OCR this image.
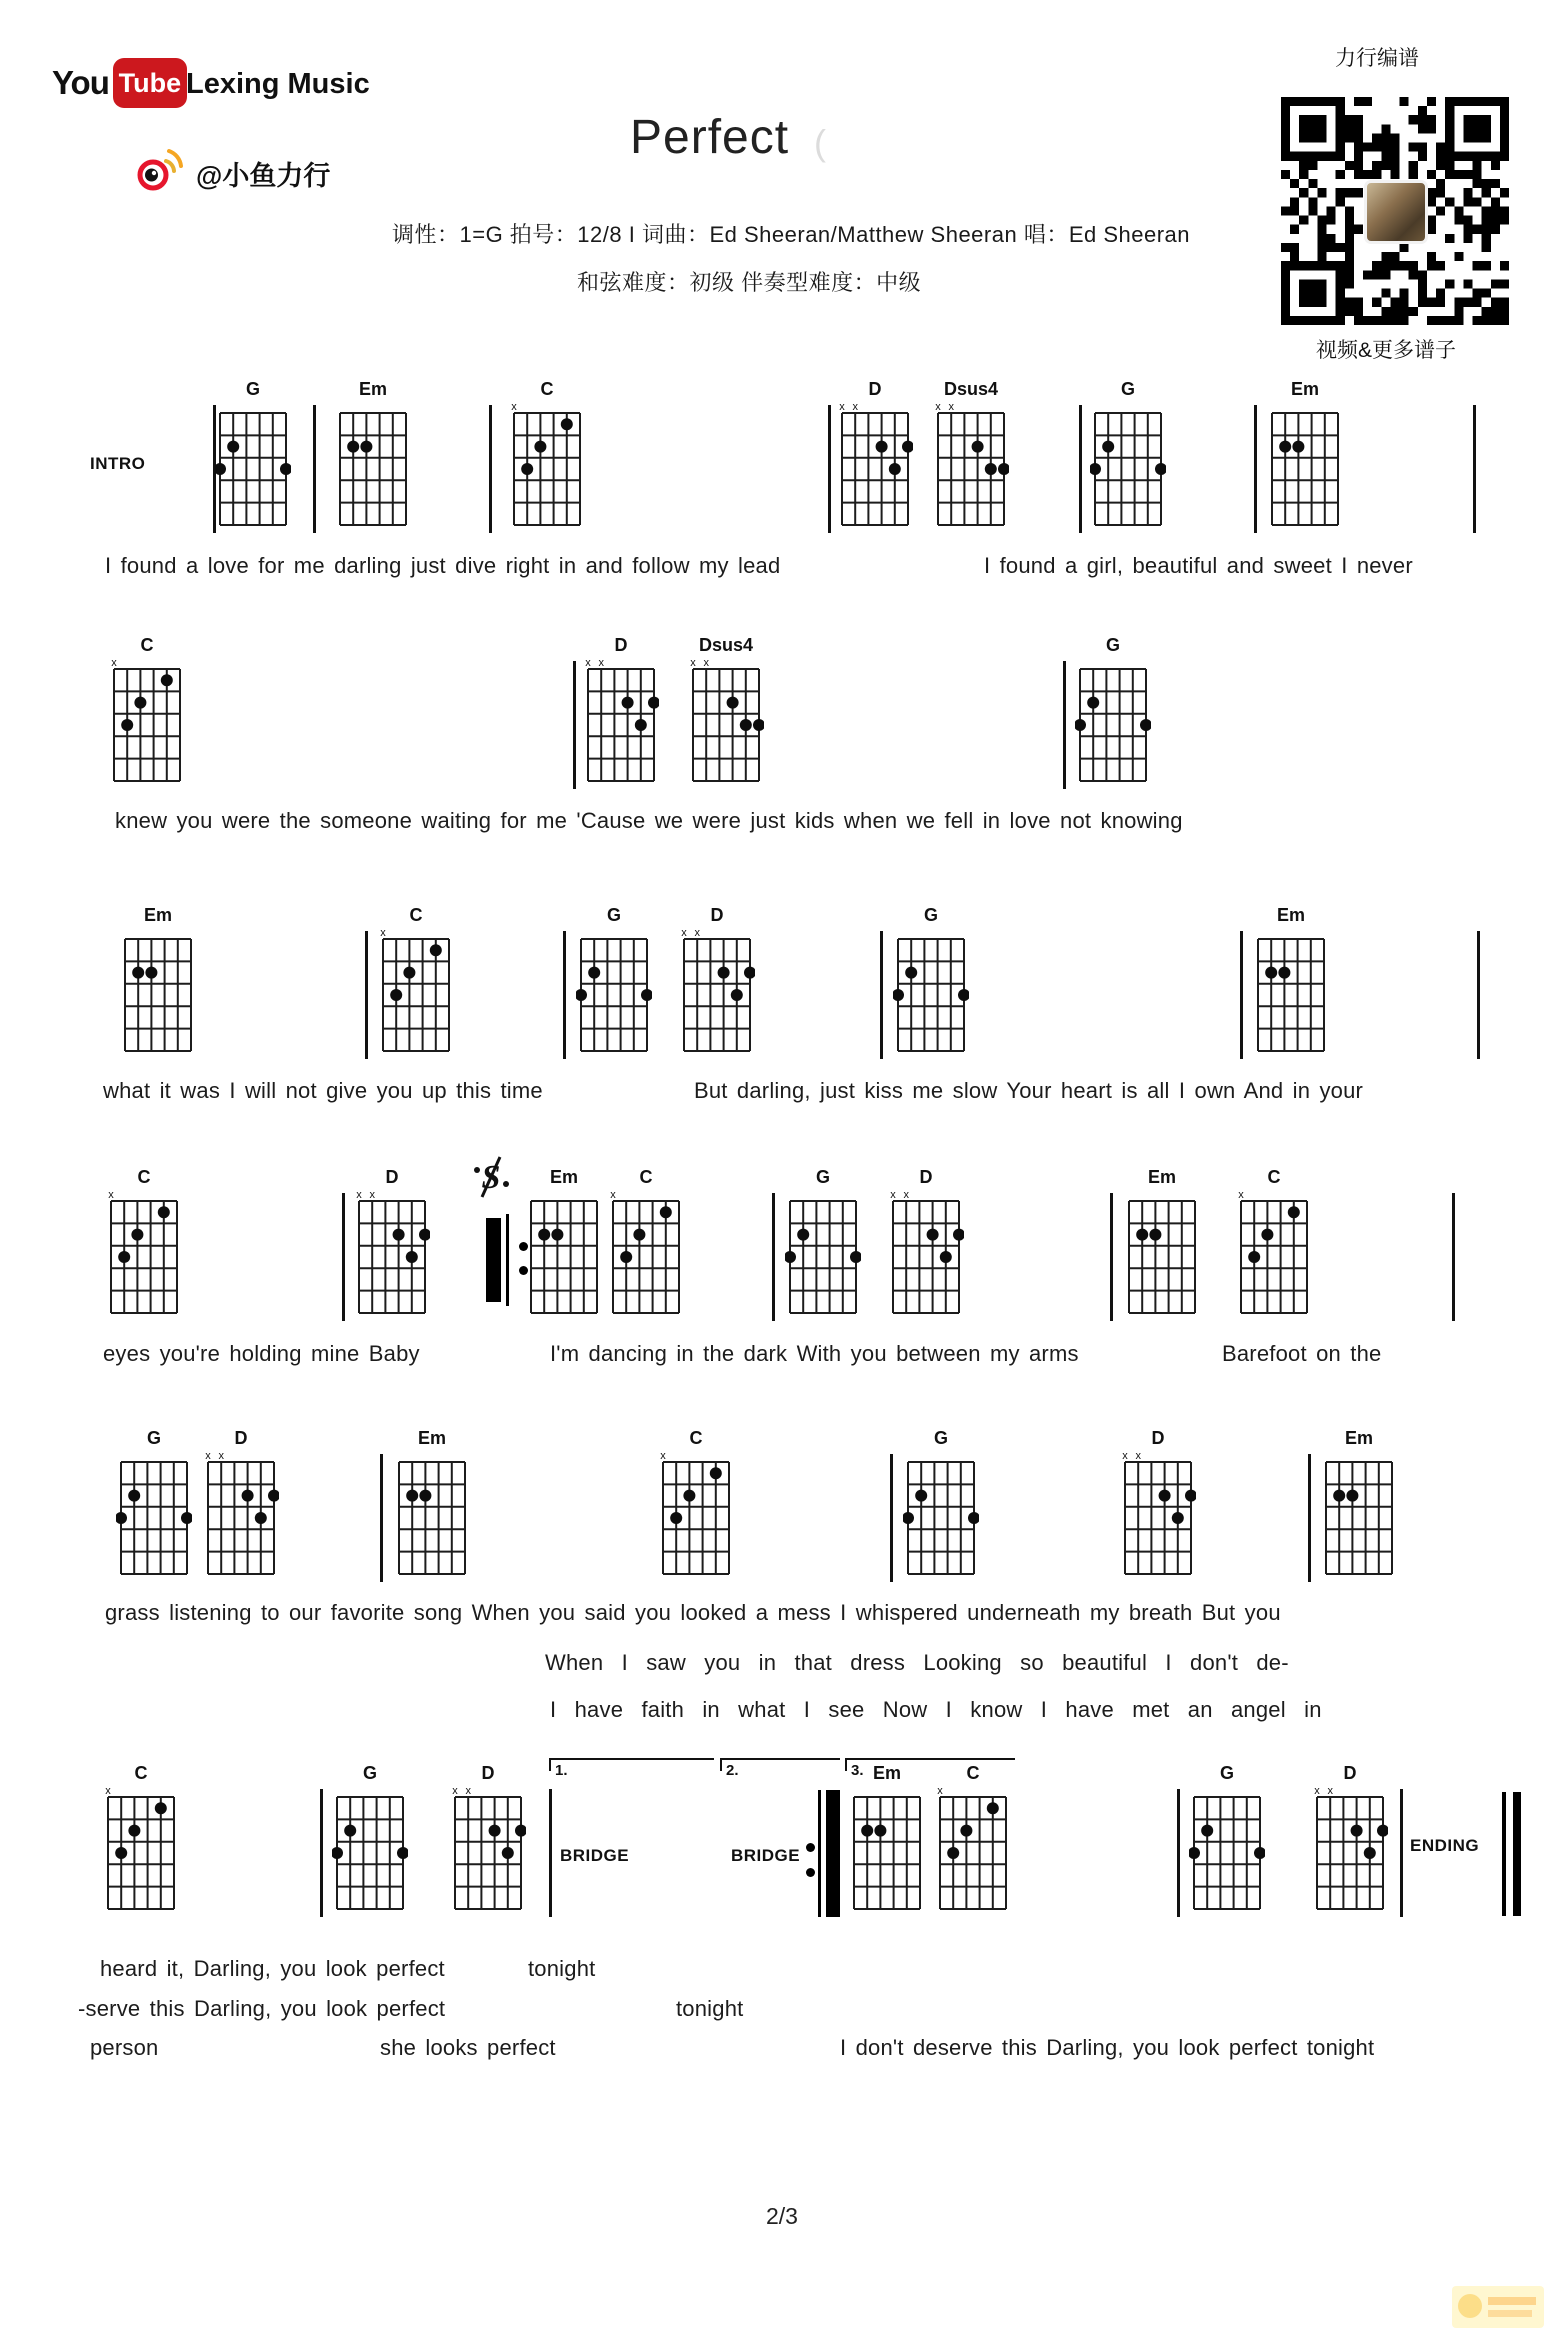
You Tube Lexing Music
@小鱼力行
Perfect (
调性：1=G 拍号：12/8 I 词曲：Ed Sheeran/Matthew Sheeran 唱：Ed Sheeran
和弦难度：初级 伴奏型难度：中级
力行编谱
视频&更多谱子
G	Em	C
x
D
x x
Dsus4
x x
G	Em
INTRO
I found a love for me darling just dive right in and follow my lead	I found a girl, beautiful and sweet I never
C
x
D
x x
Dsus4
x x
G
knew you were the someone waiting for me 'Cause we were just kids when we fell in love not knowing
Em	C
x
G	D
x x
G	Em
what it was I will not give you up this time	But darling, just kiss me slow Your heart is all I own And in your
C
x
D
x x	S	Em	C
x
G	D
x x
Em	C
x
eyes you're holding mine Baby	I'm dancing in the dark With you between my arms	Barefoot on the
G	D
x x
Em	C
x
G	D
x x
Em
grass listening to our favorite song When you said you looked a mess I whispered underneath my breath But you
When I saw you in that dress Looking so beautiful I don't de-
I have faith in what I see Now I know I have met an angel in
C
x
G	D
x x
1.
BRIDGE
2.
BRIDGE
3. Em	C
x
G	D
x x
ENDING
heard it, Darling, you look perfect	tonight
-serve this Darling, you look perfect	tonight
person	she looks perfect	I don't deserve this Darling, you look perfect tonight
2/3
